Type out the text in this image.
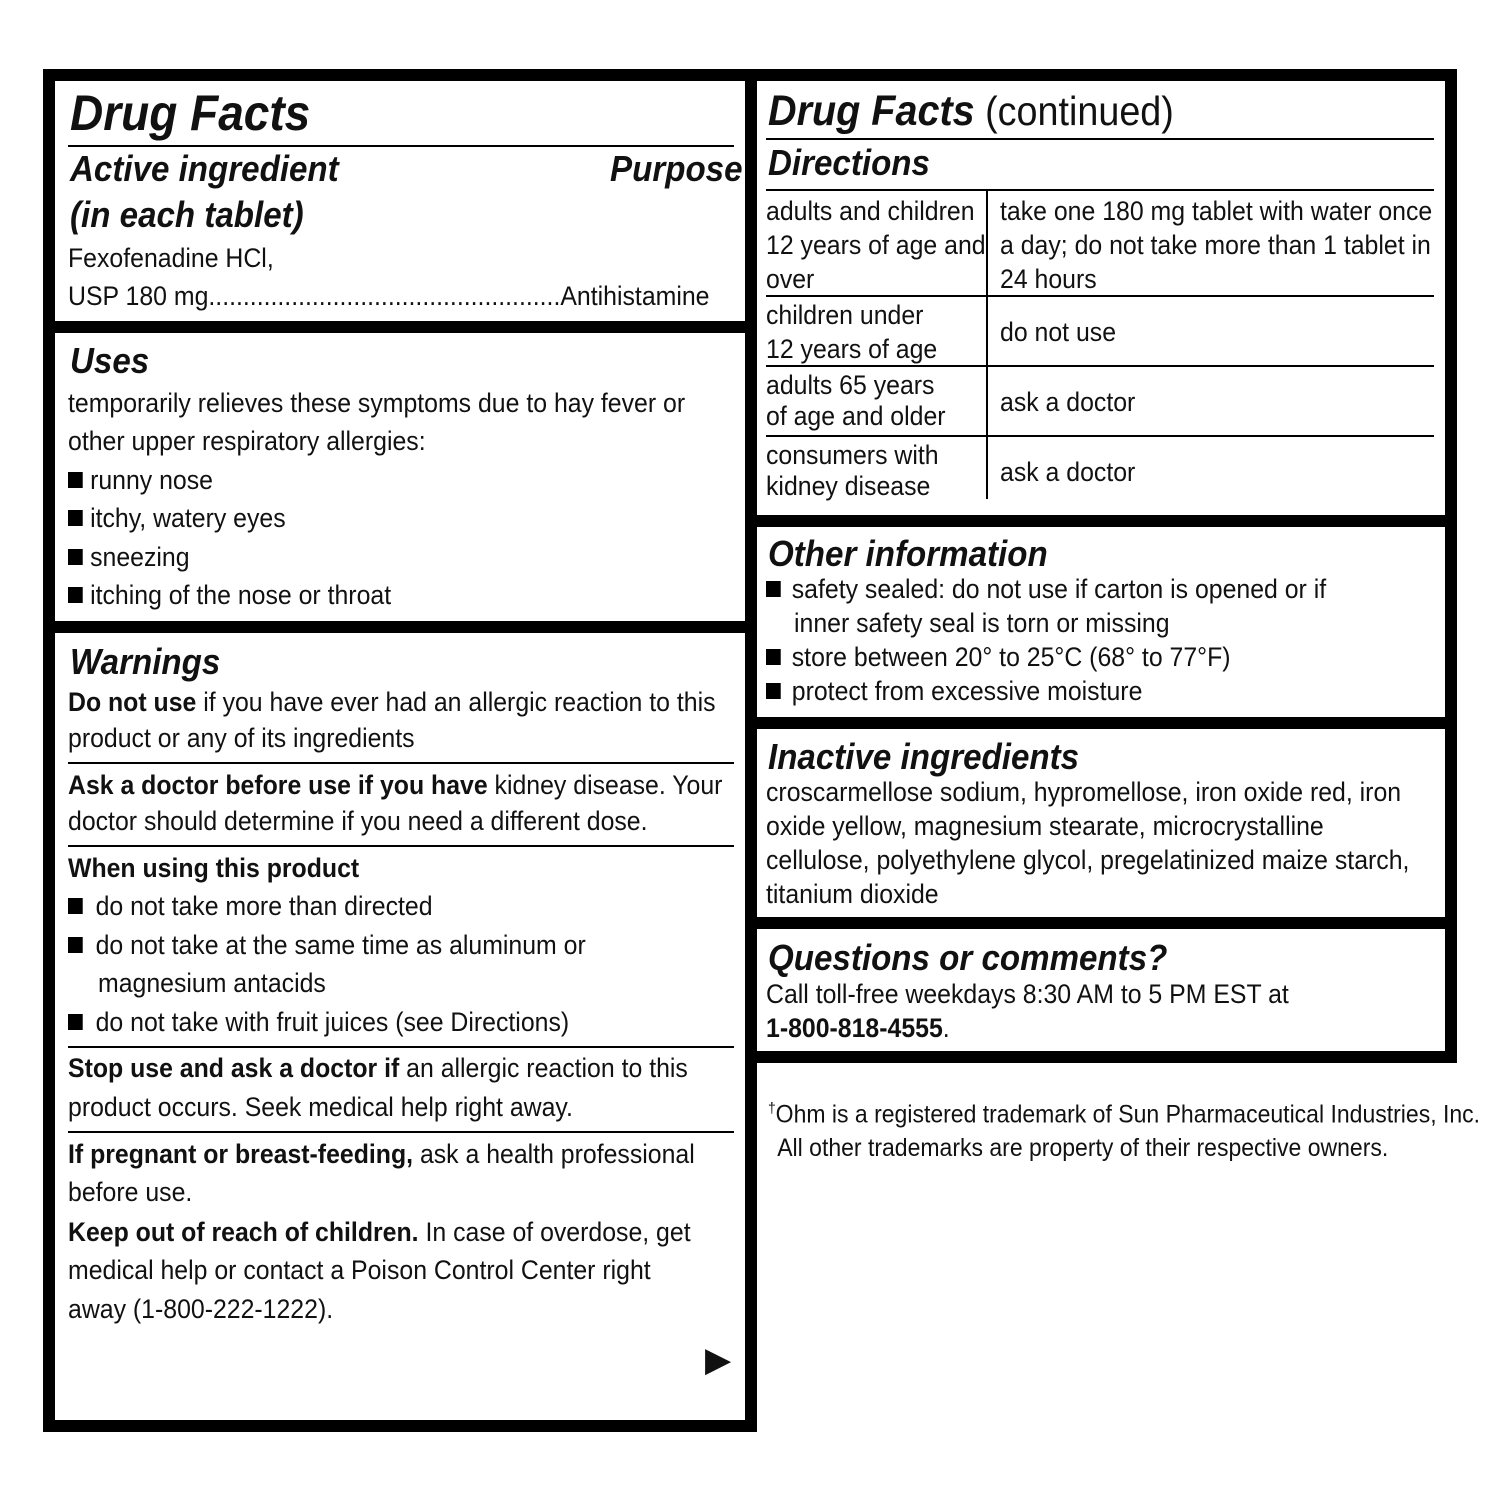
Drug Facts
Active ingredient	Purpose
(in each tablet)
Fexofenadine HCl,
USP 180 mg...................................................Antihistamine
Uses
temporarily relieves these symptoms due to hay fever or
other upper respiratory allergies:
runny nose
itchy, watery eyes
sneezing
itching of the nose or throat
Warnings
Do not use if you have ever had an allergic reaction to this
product or any of its ingredients
Ask a doctor before use if you have kidney disease. Your
doctor should determine if you need a different dose.
When using this product
do not take more than directed
do not take at the same time as aluminum or
magnesium antacids
do not take with fruit juices (see Directions)
Stop use and ask a doctor if an allergic reaction to this
product occurs. Seek medical help right away.
If pregnant or breast-feeding, ask a health professional
before use.
Keep out of reach of children. In case of overdose, get
medical help or contact a Poison Control Center right
away (1-800-222-1222).
▶
Drug Facts (continued)
Directions
adults and children
12 years of age and
over
take one 180 mg tablet with water once
a day; do not take more than 1 tablet in
24 hours
children under
12 years of age
do not use
adults 65 years
of age and older ask a doctor
consumers with
kidney disease	ask a doctor
Other information
safety sealed: do not use if carton is opened or if
inner safety seal is torn or missing
store between 20° to 25°C (68° to 77°F)
protect from excessive moisture
Inactive ingredients
croscarmellose sodium, hypromellose, iron oxide red, iron
oxide yellow, magnesium stearate, microcrystalline
cellulose, polyethylene glycol, pregelatinized maize starch,
titanium dioxide
Questions or comments?
Call toll-free weekdays 8:30 AM to 5 PM EST at
1-800-818-4555.
†Ohm is a registered trademark of Sun Pharmaceutical Industries, Inc.
All other trademarks are property of their respective owners.
